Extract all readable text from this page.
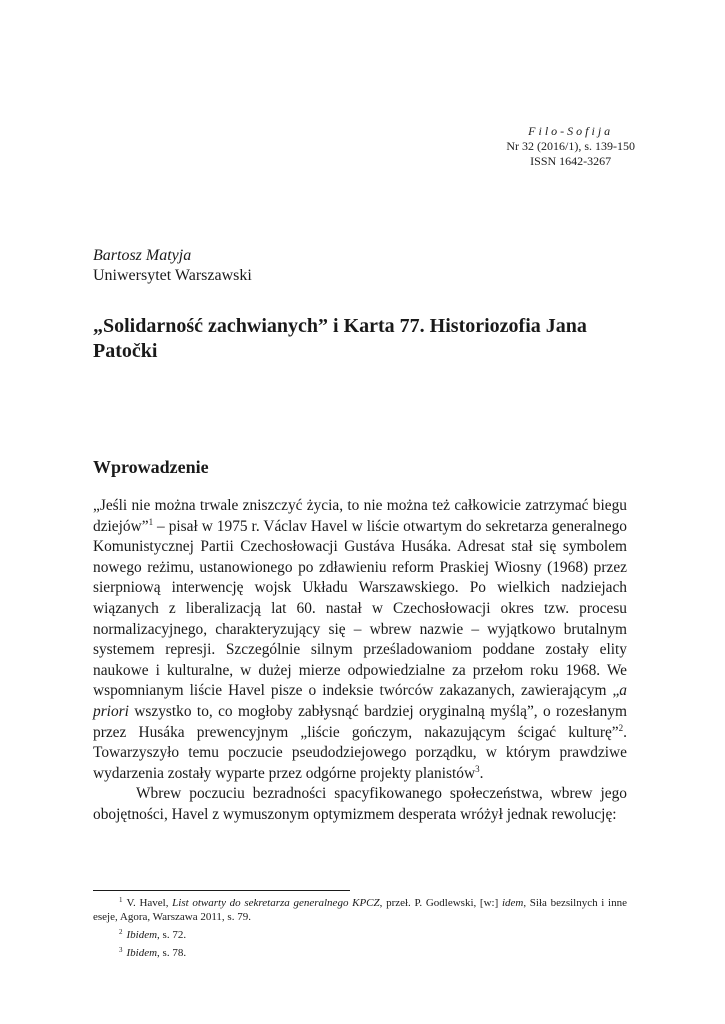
Filo-Sofija
Nr 32 (2016/1), s. 139-150
ISSN 1642-3267
Bartosz Matyja
Uniwersytet Warszawski
„Solidarność zachwianych” i Karta 77. Historiozofia Jana Patočki
Wprowadzenie

„Jeśli nie można trwale zniszczyć życia, to nie można też całkowicie zatrzymać biegu dziejów”$^1$ – pisał w 1975 r. Václav Havel w liście otwartym do sekretarza generalnego Komunistycznej Partii Czechosłowacji Gustáva Husáka. Adresat stał się symbolem nowego reżimu, ustanowionego po zdławieniu reform Praskiej Wiosny (1968) przez sierpniową interwencję wojsk Układu Warszawskiego. Po wielkich nadziejach wiązanych z liberalizacją lat 60. nastał w Czechosłowacji okres tzw. procesu normalizacyjnego, charakteryzujący się – wbrew nazwie – wyjątkowo brutalnym systemem represji. Szczególnie silnym prześladowaniom poddane zostały elity naukowe i kulturalne, w dużej mierze odpowiedzialne za przełom roku 1968. We wspomnianym liście Havel pisze o indeksie twórców zakazanych, zawierającym „a priori wszystko to, co mogłoby zabłysnąć bardziej oryginalną myślą”, o rozesłanym przez Husáka prewencyjnym „liście gończym, nakazującym ścigać kulturę”$^2$. Towarzyszyło temu poczucie pseudodziejowego porządku, w którym prawdziwe wydarzenia zostały wyparte przez odgórne projekty planistów$^3$.

Wbrew poczuciu bezradności spacyfikowanego społeczeństwa, wbrew jego obojętności, Havel z wymuszonym optymizmem desperata wróżył jednak rewolucję:

$^1$ V. Havel, List otwarty do sekretarza generalnego KPCZ, przeł. P. Godlewski, [w:] idem, Siła bezsilnych i inne eseje, Agora, Warszawa 2011, s. 79.

$^2$ Ibidem, s. 72.

$^3$ Ibidem, s. 78.
